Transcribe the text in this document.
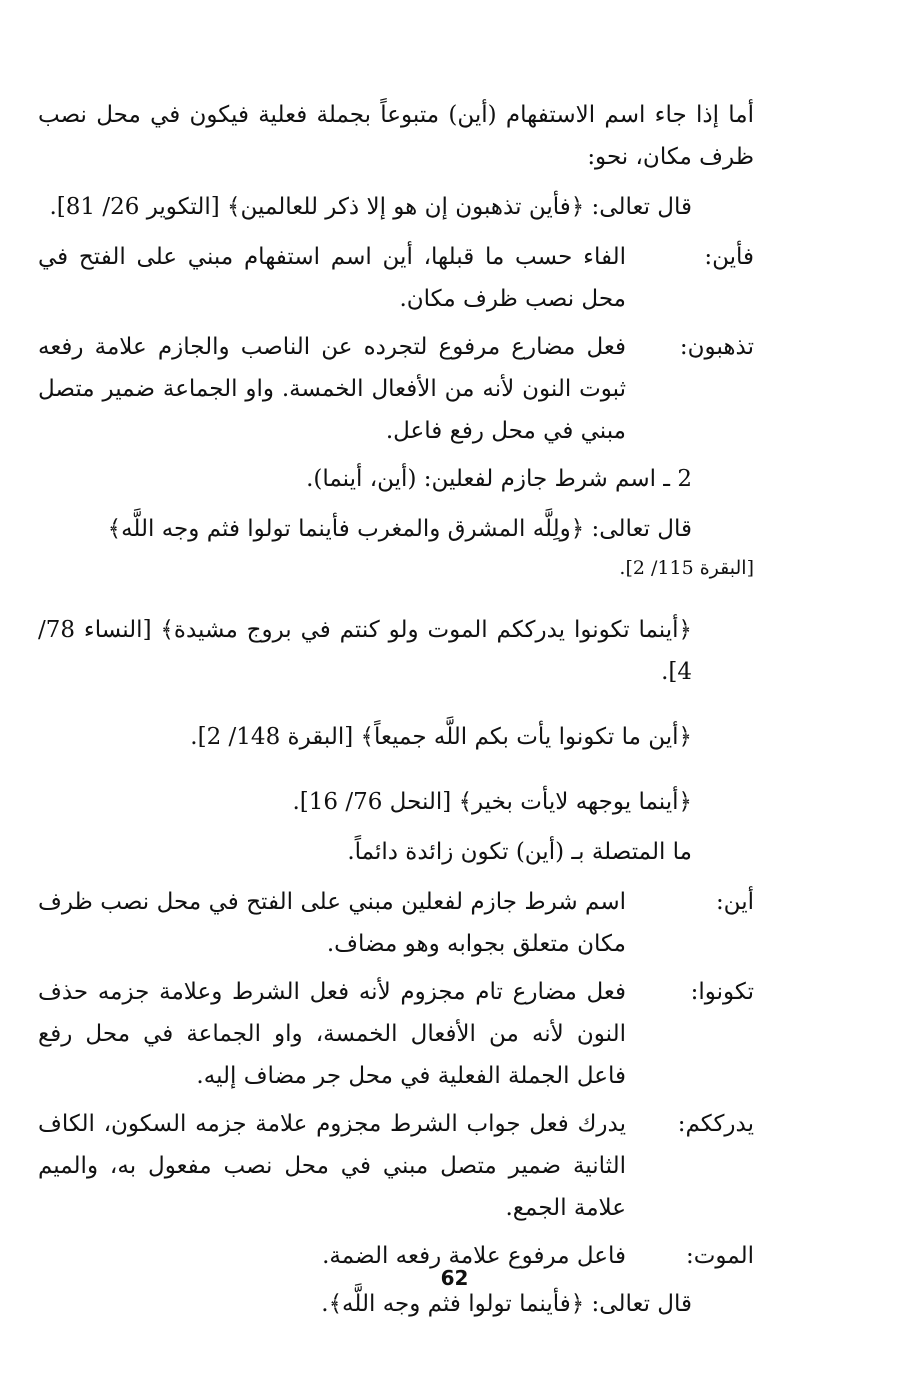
أما إذا جاء اسم الاستفهام (أين) متبوعاً بجملة فعلية فيكون في محل نصب ظرف مكان، نحو:

قال تعالى: ﴿فأين تذهبون إن هو إلا ذكر للعالمين﴾ [التكوير 26/ 81].

فأين:
الفاء حسب ما قبلها، أين اسم استفهام مبني على الفتح في محل نصب ظرف مكان.
تذهبون:
فعل مضارع مرفوع لتجرده عن الناصب والجازم علامة رفعه ثبوت النون لأنه من الأفعال الخمسة. واو الجماعة ضمير متصل مبني في محل رفع فاعل.

2 ـ اسم شرط جازم لفعلين: (أين، أينما).

قال تعالى: ﴿ولِلَّه المشرق والمغرب فأينما تولوا فثم وجه اللَّه﴾

[البقرة 115/ 2].

﴿أينما تكونوا يدرككم الموت ولو كنتم في بروج مشيدة﴾ [النساء 78/ 4].

﴿أين ما تكونوا يأت بكم اللَّه جميعاً﴾ [البقرة 148/ 2].

﴿أينما يوجهه لايأت بخير﴾ [النحل 76/ 16].

ما المتصلة بـ (أين) تكون زائدة دائماً.

أين:
اسم شرط جازم لفعلين مبني على الفتح في محل نصب ظرف مكان متعلق بجوابه وهو مضاف.
تكونوا:
فعل مضارع تام مجزوم لأنه فعل الشرط وعلامة جزمه حذف النون لأنه من الأفعال الخمسة، واو الجماعة في محل رفع فاعل الجملة الفعلية في محل جر مضاف إليه.
يدرككم:
يدرك فعل جواب الشرط مجزوم علامة جزمه السكون، الكاف الثانية ضمير متصل مبني في محل نصب مفعول به، والميم علامة الجمع.
الموت:
فاعل مرفوع علامة رفعه الضمة.

قال تعالى: ﴿فأينما تولوا فثم وجه اللَّه﴾.

62
